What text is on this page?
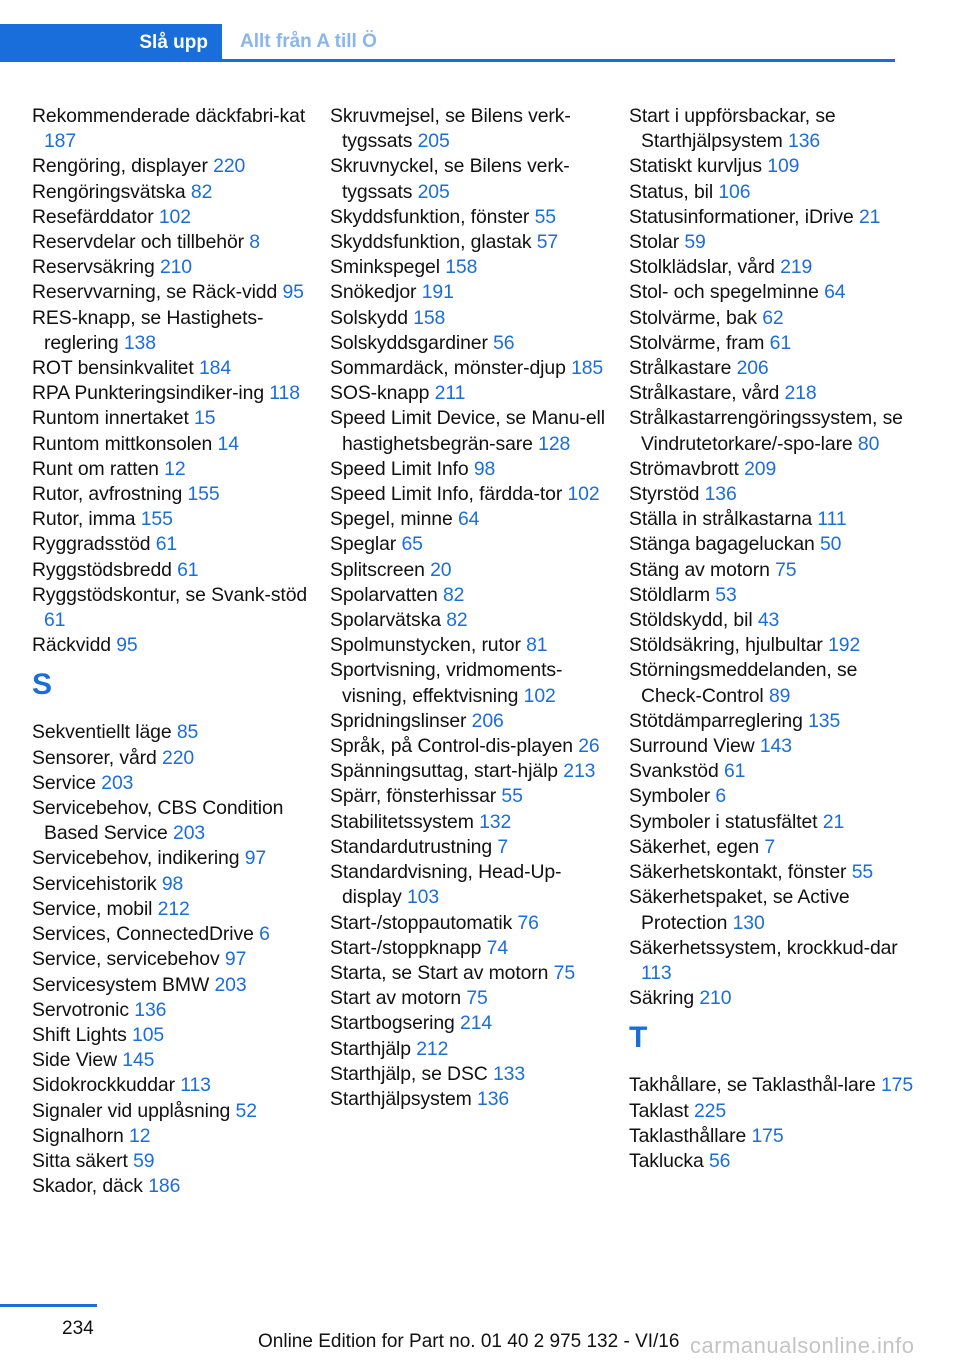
Slå upp	Allt från A till Ö
Rekommenderade däckfabri‐kat 187
Rengöring, displayer 220
Rengöringsvätska 82
Resefärddator 102
Reservdelar och tillbehör 8
Reservsäkring 210
Reservvarning, se Räck‐vidd 95
RES-knapp, se Hastighets‐reglering 138
ROT bensinkvalitet 184
RPA Punkteringsindiker‐ing 118
Runtom innertaket 15
Runtom mittkonsolen 14
Runt om ratten 12
Rutor, avfrostning 155
Rutor, imma 155
Ryggradsstöd 61
Ryggstödsbredd 61
Ryggstödskontur, se Svank‐stöd 61
Räckvidd 95
S
Sekventiellt läge 85
Sensorer, vård 220
Service 203
Servicebehov, CBS Condition Based Service 203
Servicebehov, indikering 97
Servicehistorik 98
Service, mobil 212
Services, ConnectedDrive 6
Service, servicebehov 97
Servicesystem BMW 203
Servotronic 136
Shift Lights 105
Side View 145
Sidokrockkuddar 113
Signaler vid upplåsning 52
Signalhorn 12
Sitta säkert 59
Skador, däck 186
Skruvmejsel, se Bilens verk‐tygssats 205
Skruvnyckel, se Bilens verk‐tygssats 205
Skyddsfunktion, fönster 55
Skyddsfunktion, glastak 57
Sminkspegel 158
Snökedjor 191
Solskydd 158
Solskyddsgardiner 56
Sommardäck, mönster‐djup 185
SOS-knapp 211
Speed Limit Device, se Manu‐ell hastighetsbegrän‐sare 128
Speed Limit Info 98
Speed Limit Info, färdda‐tor 102
Spegel, minne 64
Speglar 65
Splitscreen 20
Spolarvatten 82
Spolarvätska 82
Spolmunstycken, rutor 81
Sportvisning, vridmoments‐visning, effektvisning 102
Spridningslinser 206
Språk, på Control-dis‐playen 26
Spänningsuttag, start‐hjälp 213
Spärr, fönsterhissar 55
Stabilitetssystem 132
Standardutrustning 7
Standardvisning, Head-Up-display 103
Start-/stoppautomatik 76
Start-/stoppknapp 74
Starta, se Start av motorn 75
Start av motorn 75
Startbogsering 214
Starthjälp 212
Starthjälp, se DSC 133
Starthjälpsystem 136
Start i uppförsbackar, se Starthjälpsystem 136
Statiskt kurvljus 109
Status, bil 106
Statusinformationer, iDrive 21
Stolar 59
Stolklädslar, vård 219
Stol- och spegelminne 64
Stolvärme, bak 62
Stolvärme, fram 61
Strålkastare 206
Strålkastare, vård 218
Strålkastarrengöringssystem, se Vindrutetorkare/-spo‐lare 80
Strömavbrott 209
Styrstöd 136
Ställa in strålkastarna 111
Stänga bagageluckan 50
Stäng av motorn 75
Stöldlarm 53
Stöldskydd, bil 43
Stöldsäkring, hjulbultar 192
Störningsmeddelanden, se Check-Control 89
Stötdämparreglering 135
Surround View 143
Svankstöd 61
Symboler 6
Symboler i statusfältet 21
Säkerhet, egen 7
Säkerhetskontakt, fönster 55
Säkerhetspaket, se Active Protection 130
Säkerhetssystem, krockkud‐dar 113
Säkring 210
T
Takhållare, se Taklasthål‐lare 175
Taklast 225
Taklasthållare 175
Taklucka 56
234
Online Edition for Part no. 01 40 2 975 132 - VI/16 carmanualsonline.info
